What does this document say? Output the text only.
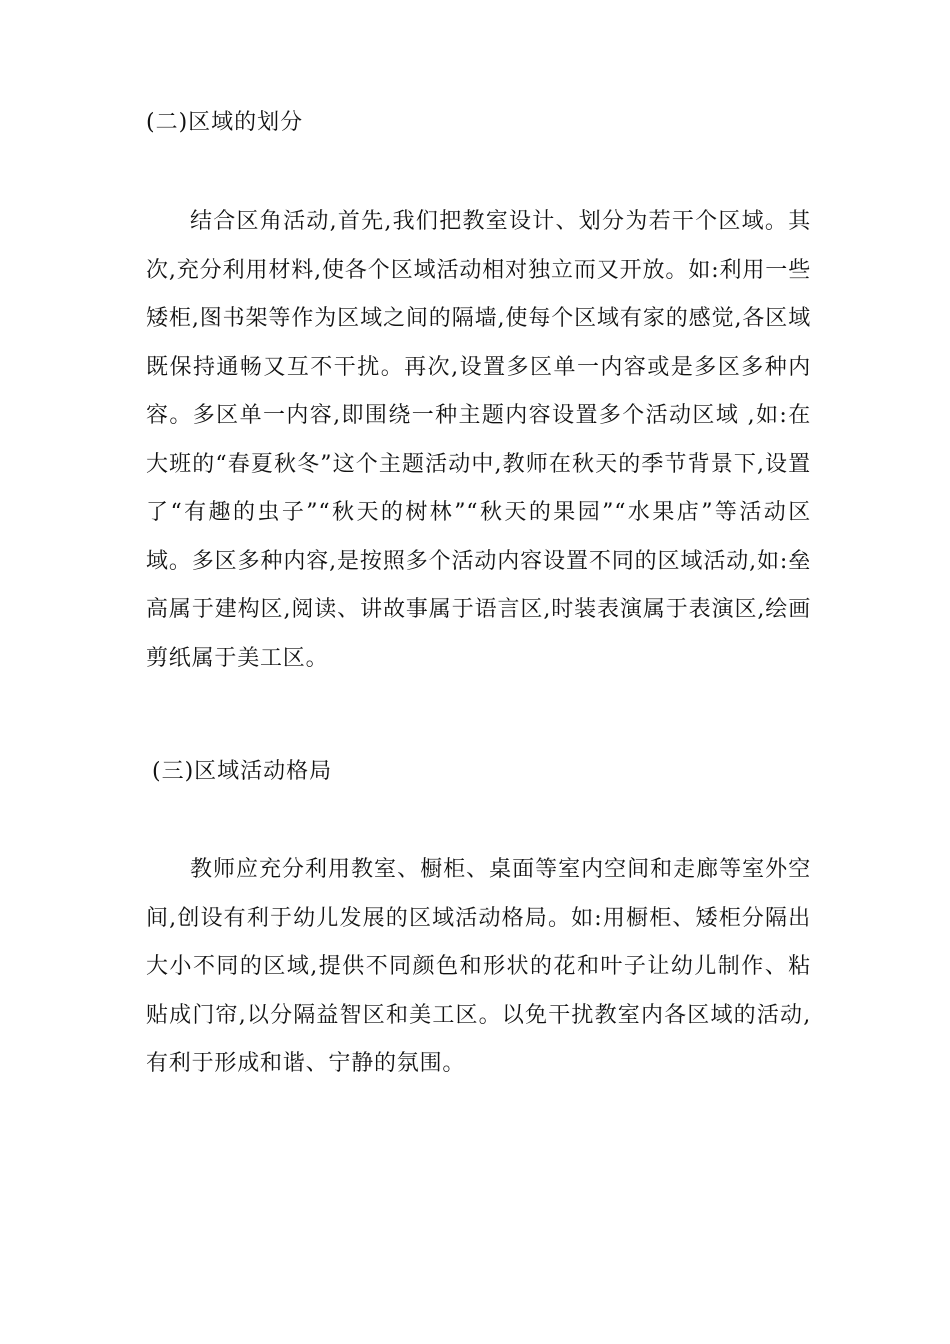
(二)区域的划分

结合区角活动,首先,我们把教室设计、划分为若干个区域。其次,充分利用材料,使各个区域活动相对独立而又开放。如:利用一些矮柜,图书架等作为区域之间的隔墙,使每个区域有家的感觉,各区域既保持通畅又互不干扰。再次,设置多区单一内容或是多区多种内容。多区单一内容,即围绕一种主题内容设置多个活动区域 ,如:在大班的“春夏秋冬”这个主题活动中,教师在秋天的季节背景下,设置了“有趣的虫子”“秋天的树林”“秋天的果园”“水果店”等活动区域。多区多种内容,是按照多个活动内容设置不同的区域活动,如:垒高属于建构区,阅读、讲故事属于语言区,时装表演属于表演区,绘画剪纸属于美工区。

(三)区域活动格局

教师应充分利用教室、橱柜、桌面等室内空间和走廊等室外空间,创设有利于幼儿发展的区域活动格局。如:用橱柜、矮柜分隔出大小不同的区域,提供不同颜色和形状的花和叶子让幼儿制作、粘贴成门帘,以分隔益智区和美工区。以免干扰教室内各区域的活动,有利于形成和谐、宁静的氛围。
